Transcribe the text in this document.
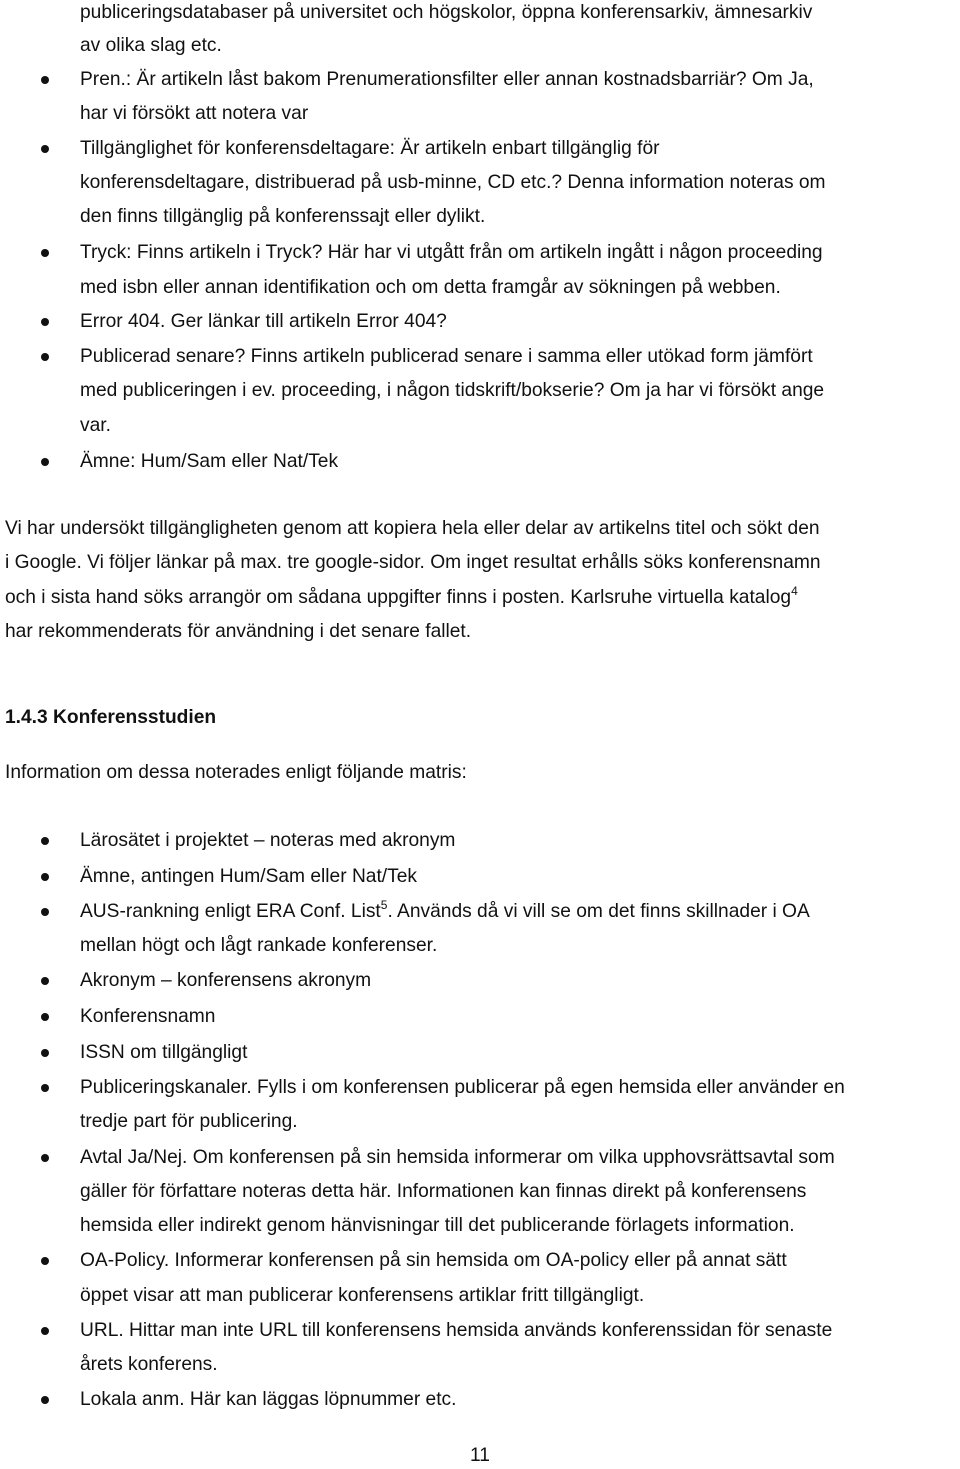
publiceringsdatabaser på universitet och högskolor, öppna konferensarkiv, ämnesarkiv
av olika slag etc.
Pren.: Är artikeln låst bakom Prenumerationsfilter eller annan kostnadsbarriär? Om Ja,
har vi försökt att notera var
Tillgänglighet för konferensdeltagare: Är artikeln enbart tillgänglig för
konferensdeltagare, distribuerad på usb-minne, CD etc.? Denna information noteras om
den finns tillgänglig på konferenssajt eller dylikt.
Tryck: Finns artikeln i Tryck? Här har vi utgått från om artikeln ingått i någon proceeding
med isbn eller annan identifikation och om detta framgår av sökningen på webben.
Error 404. Ger länkar till artikeln Error 404?
Publicerad senare? Finns artikeln publicerad senare i samma eller utökad form jämfört
med publiceringen i ev. proceeding, i någon tidskrift/bokserie? Om ja har vi försökt ange
var.
Ämne: Hum/Sam eller Nat/Tek
Vi har undersökt tillgängligheten genom att kopiera hela eller delar av artikelns titel och sökt den
i Google. Vi följer länkar på max. tre google-sidor. Om inget resultat erhålls söks konferensnamn
och i sista hand söks arrangör om sådana uppgifter finns i posten. Karlsruhe virtuella katalog$^4$
har rekommenderats för användning i det senare fallet.
1.4.3 Konferensstudien
Information om dessa noterades enligt följande matris:
Lärosätet i projektet – noteras med akronym
Ämne, antingen Hum/Sam eller Nat/Tek
AUS-rankning enligt ERA Conf. List$^5$. Används då vi vill se om det finns skillnader i OA
mellan högt och lågt rankade konferenser.
Akronym – konferensens akronym
Konferensnamn
ISSN om tillgängligt
Publiceringskanaler. Fylls i om konferensen publicerar på egen hemsida eller använder en
tredje part för publicering.
Avtal Ja/Nej. Om konferensen på sin hemsida informerar om vilka upphovsrättsavtal som
gäller för författare noteras detta här. Informationen kan finnas direkt på konferensens
hemsida eller indirekt genom hänvisningar till det publicerande förlagets information.
OA-Policy. Informerar konferensen på sin hemsida om OA-policy eller på annat sätt
öppet visar att man publicerar konferensens artiklar fritt tillgängligt.
URL. Hittar man inte URL till konferensens hemsida används konferenssidan för senaste
årets konferens.
Lokala anm. Här kan läggas löpnummer etc.
11
